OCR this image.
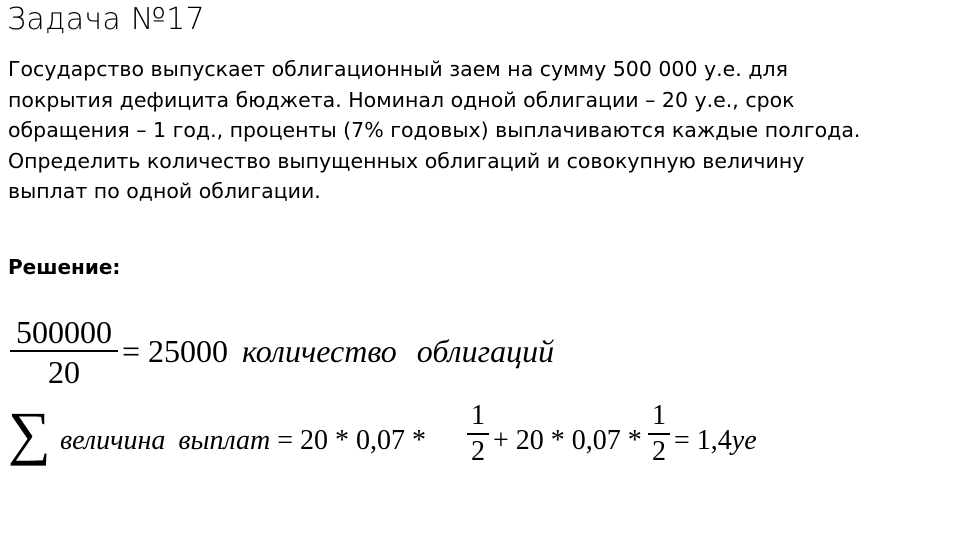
Задача №17
Государство выпускает облигационный заем на сумму 500 000 у.е. для
покрытия дефицита бюджета. Номинал одной облигации – 20 у.е., срок
обращения – 1 год., проценты (7% годовых) выплачиваются каждые полгода.
Определить количество выпущенных облигаций и совокупную величину
выплат по одной облигации.
Решение:
500000
20
= 25000 количество облигаций
∑ величина выплат = 20 * 0,07 *
1
2 + 20 * 0,07 *
1
2 = 1,4уе
